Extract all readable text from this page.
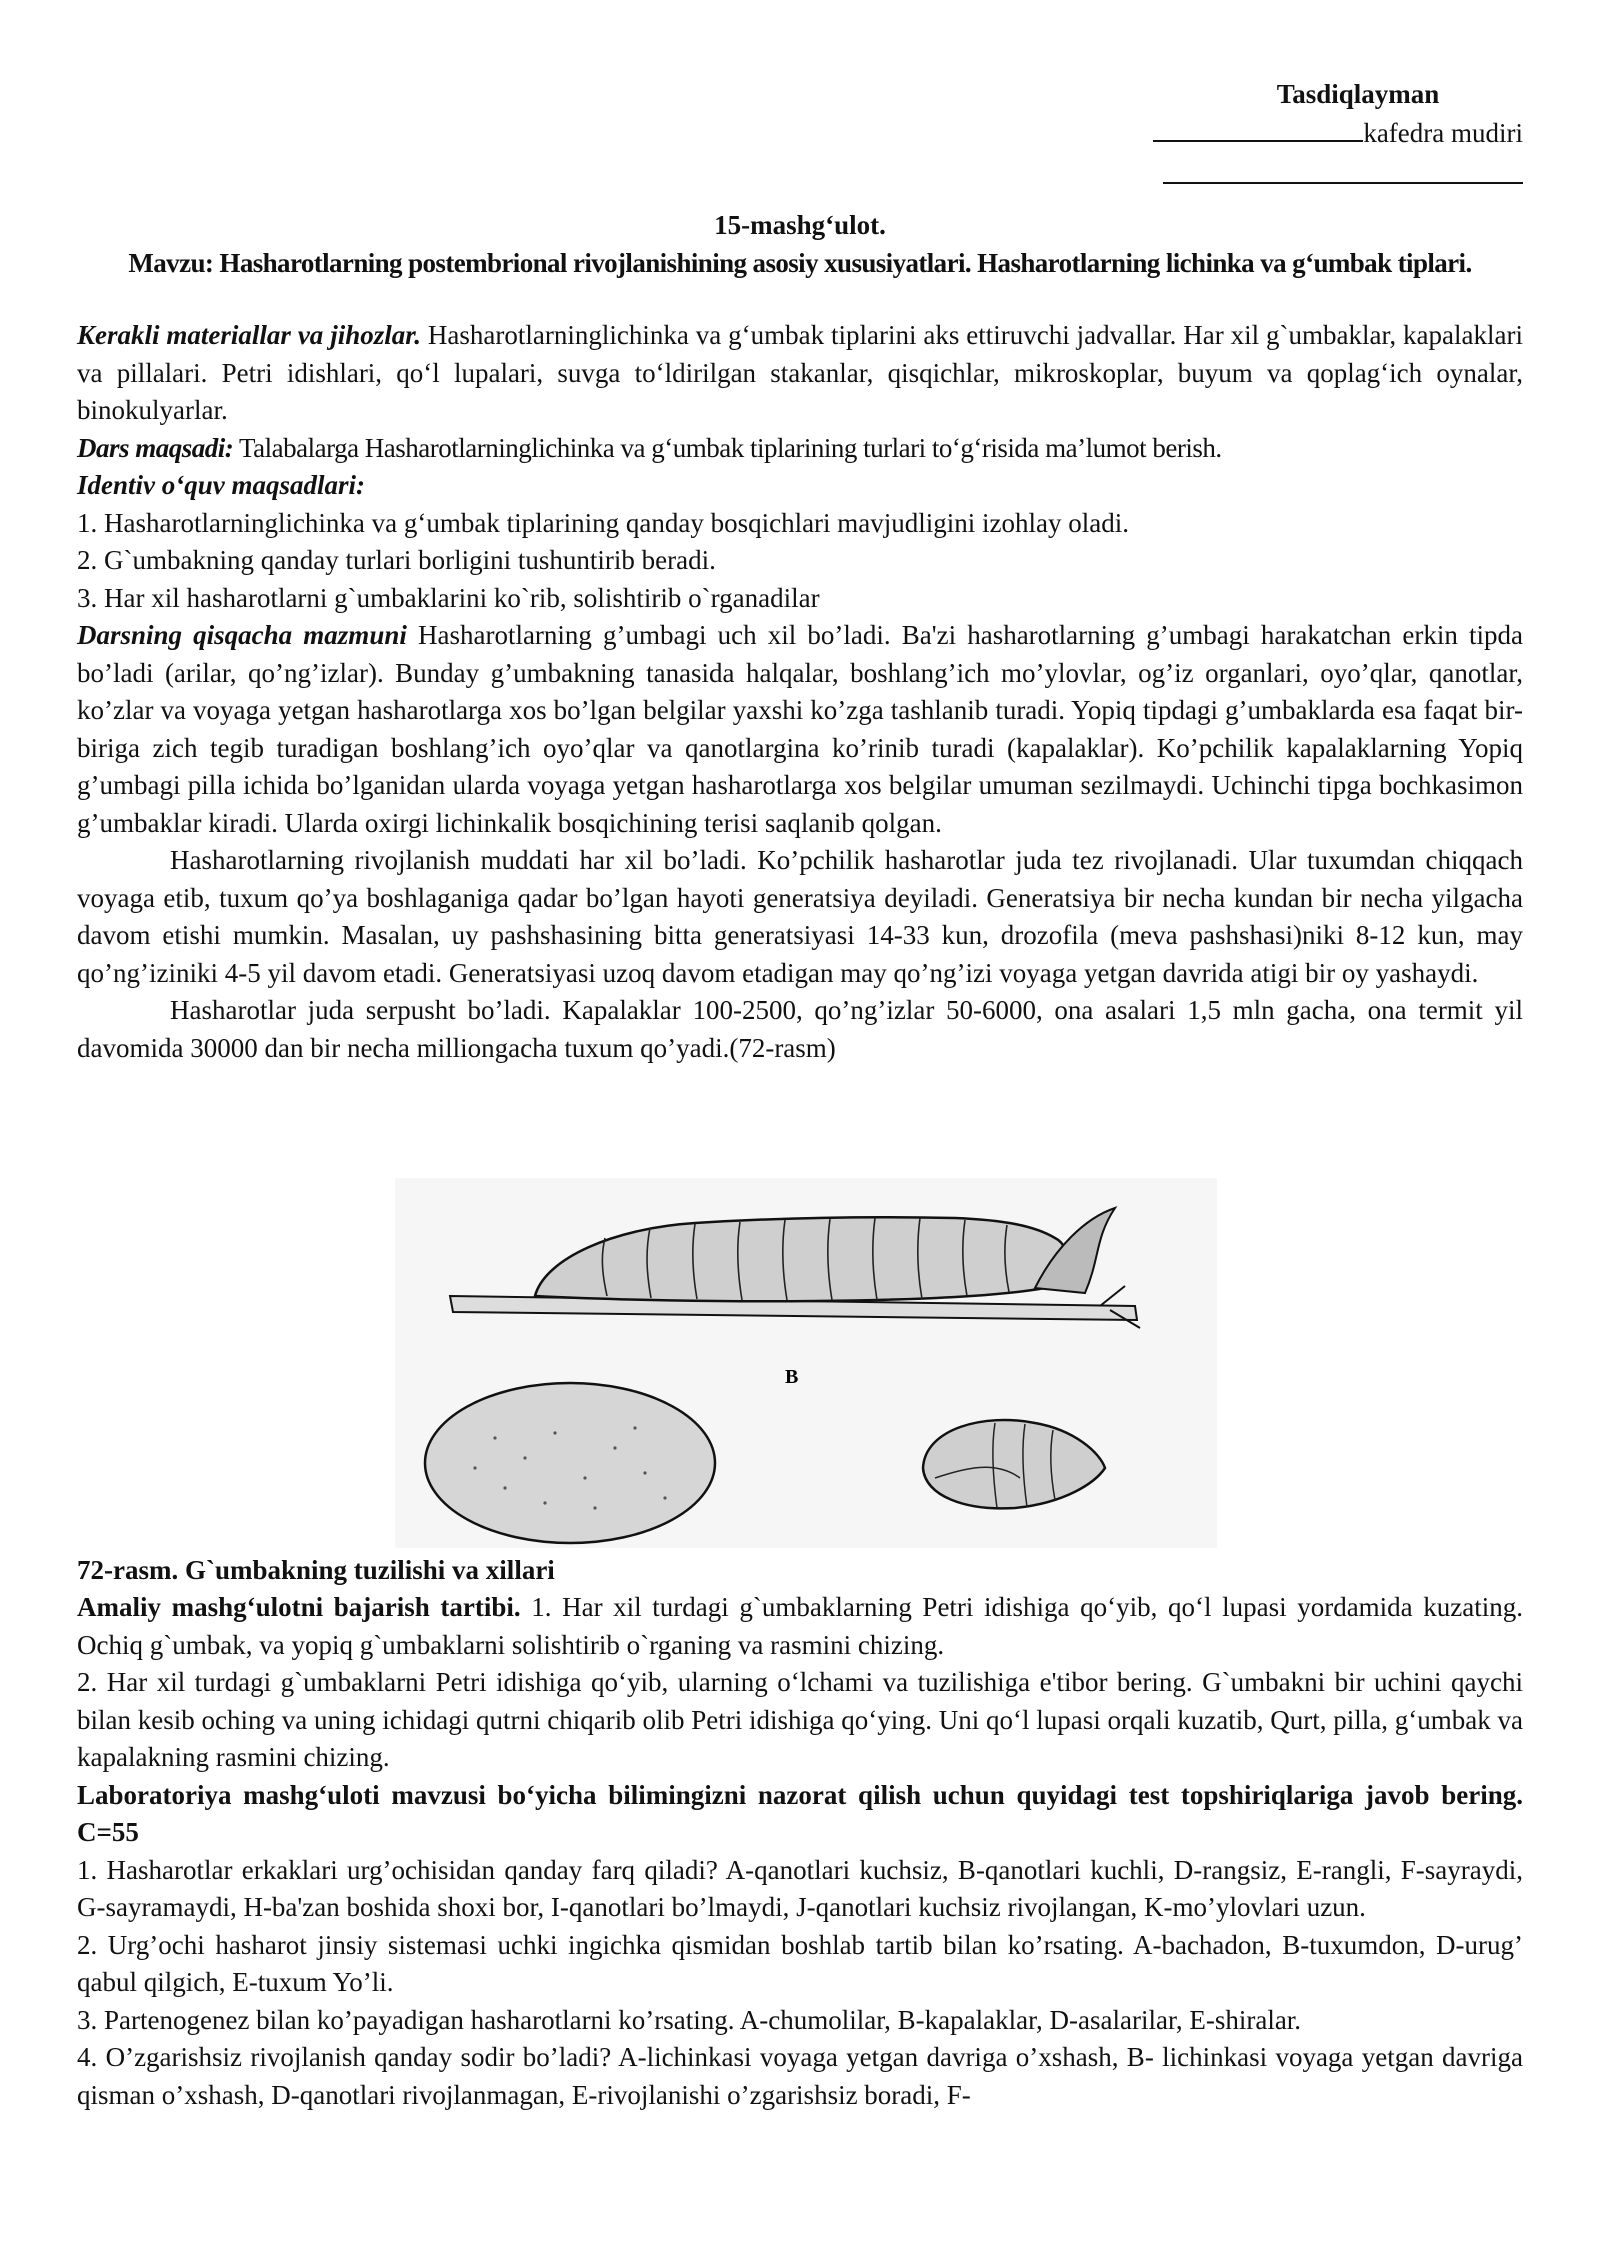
Tasdiqlayman
kafedra mudiri
15-mashg‘ulot.
Mavzu: Hasharotlarning postembrional rivojlanishining asosiy xususiyatlari. Hasharotlarning lichinka va g‘umbak tiplari.

Kerakli materiallar va jihozlar. Hasharotlarninglichinka va g‘umbak tiplarini aks ettiruvchi jadvallar. Har xil g`umbaklar, kapalaklari va pillalari. Petri idishlari, qo‘l lupalari, suvga to‘ldirilgan stakanlar, qisqichlar, mikroskoplar, buyum va qoplag‘ich oynalar, binokulyarlar.

Dars maqsadi: Talabalarga Hasharotlarninglichinka va g‘umbak tiplarining turlari to‘g‘risida ma’lumot berish.

Identiv o‘quv maqsadlari:

1. Hasharotlarninglichinka va g‘umbak tiplarining qanday bosqichlari mavjudligini izohlay oladi.

2. G`umbakning qanday turlari borligini tushuntirib beradi.

3. Har xil hasharotlarni g`umbaklarini ko`rib, solishtirib o`rganadilar

Darsning qisqacha mazmuni Hasharotlarning g’umbagi uch xil bo’ladi. Ba'zi hasharotlarning g’umbagi harakatchan erkin tipda bo’ladi (arilar, qo’ng’izlar). Bunday g’umbakning tanasida halqalar, boshlang’ich mo’ylovlar, og’iz organlari, oyo’qlar, qanotlar, ko’zlar va voyaga yetgan hasharotlarga xos bo’lgan belgilar yaxshi ko’zga tashlanib turadi. Yopiq tipdagi g’umbaklarda esa faqat bir-biriga zich tegib turadigan boshlang’ich oyo’qlar va qanotlargina ko’rinib turadi (kapalaklar). Ko’pchilik kapalaklarning Yopiq g’umbagi pilla ichida bo’lganidan ularda voyaga yetgan hasharotlarga xos belgilar umuman sezilmaydi. Uchinchi tipga bochkasimon g’umbaklar kiradi. Ularda oxirgi lichinkalik bosqichining terisi saqlanib qolgan.

Hasharotlarning rivojlanish muddati har xil bo’ladi. Ko’pchilik hasharotlar juda tez rivojlanadi. Ular tuxumdan chiqqach voyaga etib, tuxum qo’ya boshlaganiga qadar bo’lgan hayoti generatsiya deyiladi. Generatsiya bir necha kundan bir necha yilgacha davom etishi mumkin. Masalan, uy pashshasining bitta generatsiyasi 14-33 kun, drozofila (meva pashshasi)niki 8-12 kun, may qo’ng’iziniki 4-5 yil davom etadi. Generatsiyasi uzoq davom etadigan may qo’ng’izi voyaga yetgan davrida atigi bir oy yashaydi.

Hasharotlar juda serpusht bo’ladi. Kapalaklar 100-2500, qo’ng’izlar 50-6000, ona asalari 1,5 mln gacha, ona termit yil davomida 30000 dan bir necha milliongacha tuxum qo’yadi.(72-rasm)

B

72-rasm. G`umbakning tuzilishi va xillari

Amaliy mashg‘ulotni bajarish tartibi. 1. Har xil turdagi g`umbaklarning Petri idishiga qo‘yib, qo‘l lupasi yordamida kuzating. Ochiq g`umbak, va yopiq g`umbaklarni solishtirib o`rganing va rasmini chizing.

2. Har xil turdagi g`umbaklarni Petri idishiga qo‘yib, ularning o‘lchami va tuzilishiga e'tibor bering. G`umbakni bir uchini qaychi bilan kesib oching va uning ichidagi qutrni chiqarib olib Petri idishiga qo‘ying. Uni qo‘l lupasi orqali kuzatib, Qurt, pilla, g‘umbak va kapalakning rasmini chizing.

Laboratoriya mashg‘uloti mavzusi bo‘yicha bilimingizni nazorat qilish uchun quyidagi test topshiriqlariga javob bering. C=55

1. Hasharotlar erkaklari urg’ochisidan qanday farq qiladi? A-qanotlari kuchsiz, B-qanotlari kuchli, D-rangsiz, E-rangli, F-sayraydi, G-sayramaydi, H-ba'zan boshida shoxi bor, I-qanotlari bo’lmaydi, J-qanotlari kuchsiz rivojlangan, K-mo’ylovlari uzun.

2. Urg’ochi hasharot jinsiy sistemasi uchki ingichka qismidan boshlab tartib bilan ko’rsating. A-bachadon, B-tuxumdon, D-urug’ qabul qilgich, E-tuxum Yo’li.

3. Partenogenez bilan ko’payadigan hasharotlarni ko’rsating. A-chumolilar, B-kapalaklar, D-asalarilar, E-shiralar.

4. O’zgarishsiz rivojlanish qanday sodir bo’ladi? A-lichinkasi voyaga yetgan davriga o’xshash, B- lichinkasi voyaga yetgan davriga qisman o’xshash, D-qanotlari rivojlanmagan, E-rivojlanishi o’zgarishsiz boradi, F-
